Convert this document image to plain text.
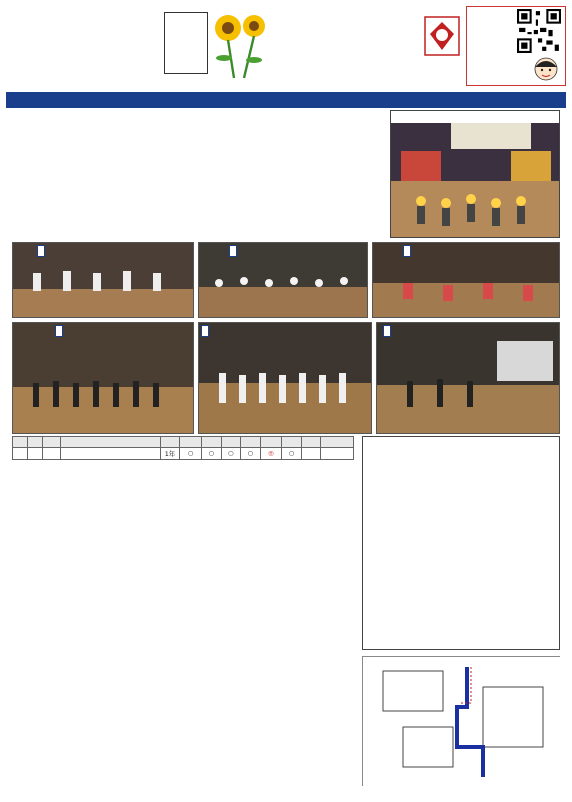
				1年	○	○	○	○	◎	○		
